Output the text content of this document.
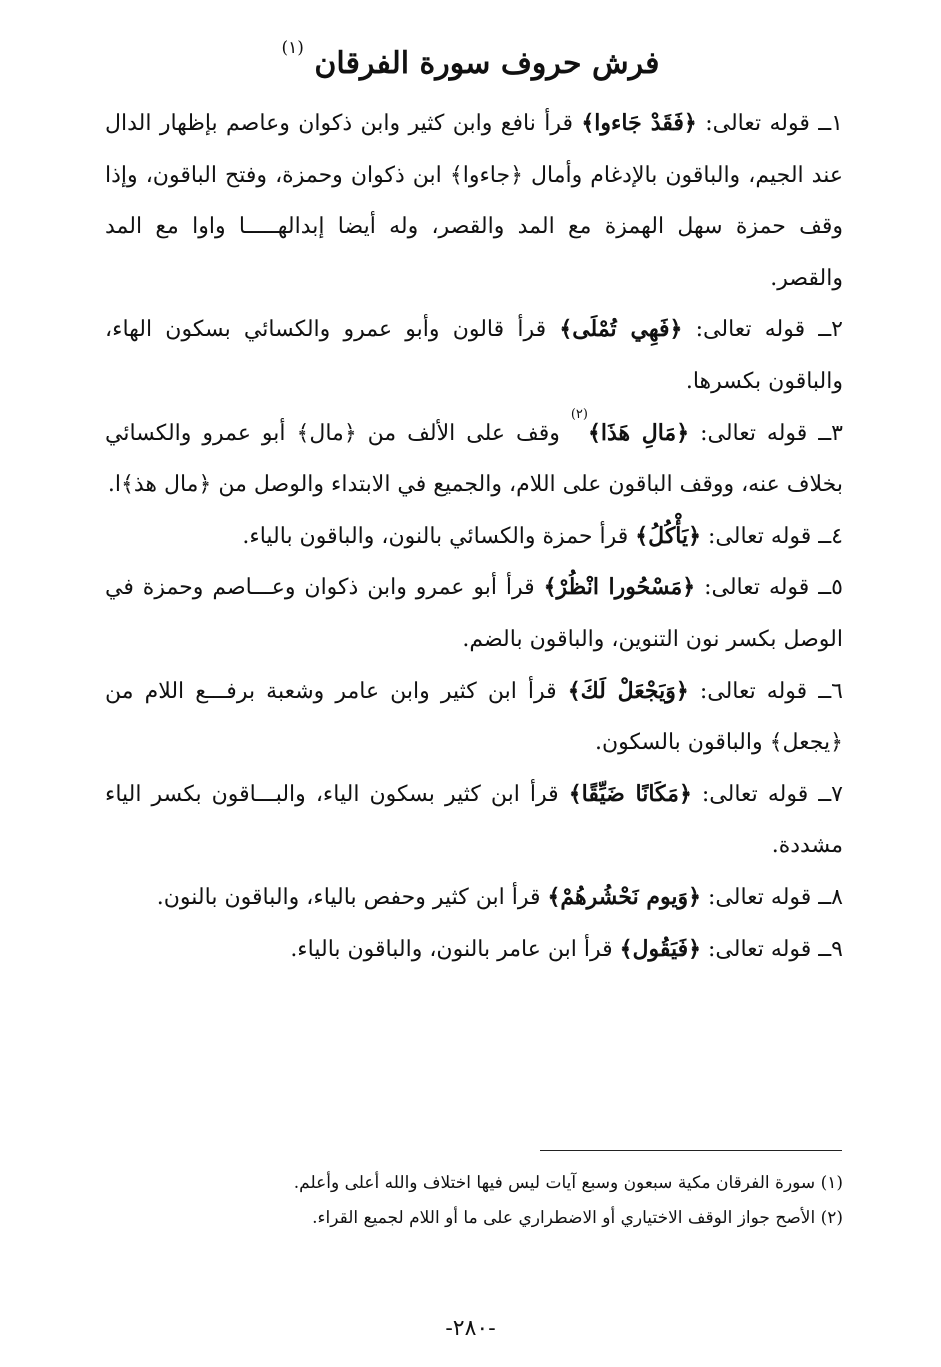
فرش حروف سورة الفرقان $^{(١)}$

١ــ قوله تعالى: ﴿فَقَدْ جَاءوا﴾ قرأ نافع وابن كثير وابن ذكوان وعاصم بإظهار الدال عند الجيم، والباقون بالإدغام وأمال ﴿جاءوا﴾ ابن ذكوان وحمزة، وفتح الباقون، وإذا وقف حمزة سهل الهمزة مع المد والقصر، وله أيضا إبدالهـــــا واوا مع المد والقصر.

٢ــ قوله تعالى: ﴿فَهِي تُمْلَى﴾ قرأ قالون وأبو عمرو والكسائي بسكون الهاء، والباقون بكسرها.

٣ــ قوله تعالى: ﴿مَالِ هَذَا﴾$^{(٢)}$ وقف على الألف من ﴿مال﴾ أبو عمرو والكسائي بخلاف عنه، ووقف الباقون على اللام، والجميع في الابتداء والوصل من ﴿مال هذ﴾ا.

٤ــ قوله تعالى: ﴿يَأْكُلُ﴾ قرأ حمزة والكسائي بالنون، والباقون بالياء.

٥ــ قوله تعالى: ﴿مَسْحُورا انْظُرْ﴾ قرأ أبو عمرو وابن ذكوان وعـــاصم وحمزة في الوصل بكسر نون التنوين، والباقون بالضم.

٦ــ قوله تعالى: ﴿وَيَجْعَلْ لَكَ﴾ قرأ ابن كثير وابن عامر وشعبة برفـــع اللام من ﴿يجعل﴾ والباقون بالسكون.

٧ــ قوله تعالى: ﴿مَكَانًا ضَيِّقًا﴾ قرأ ابن كثير بسكون الياء، والبـــاقون بكسر الياء مشددة.

٨ــ قوله تعالى: ﴿وَيوم نَحْشُرهُمْ﴾ قرأ ابن كثير وحفص بالياء، والباقون بالنون.

٩ــ قوله تعالى: ﴿فَيَقُول﴾ قرأ ابن عامر بالنون، والباقون بالياء.

(١) سورة الفرقان مكية سبعون وسبع آيات ليس فيها اختلاف والله أعلى وأعلم.

(٢) الأصح جواز الوقف الاختياري أو الاضطراري على ما أو اللام لجميع القراء.

-٢٨٠-
